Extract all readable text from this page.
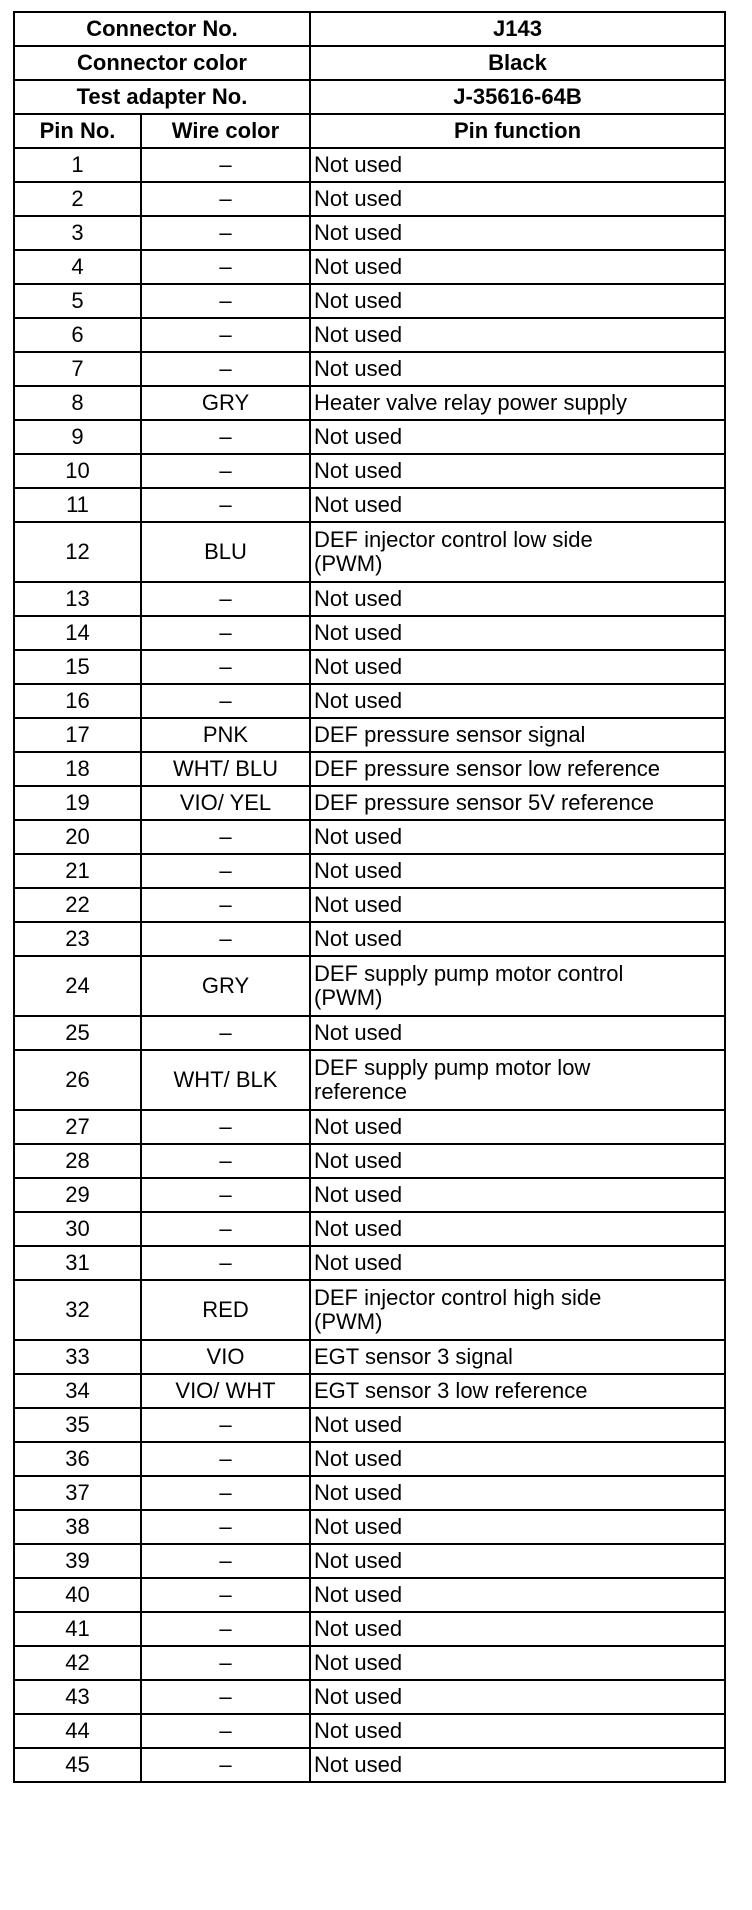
Connector No.		J143
Connector color		Black
Test adapter No.		J-35616-64B
Pin No.	Wire color	Pin function
1	–	Not used
2	–	Not used
3	–	Not used
4	–	Not used
5	–	Not used
6	–	Not used
7	–	Not used
8	GRY	Heater valve relay power supply
9	–	Not used
10	–	Not used
11	–	Not used
12	BLU	DEF injector control low side
(PWM)

13	–	Not used
14	–	Not used
15	–	Not used
16	–	Not used
17	PNK	DEF pressure sensor signal
18	WHT/ BLU	DEF pressure sensor low reference
19	VIO/ YEL	DEF pressure sensor 5V reference
20	–	Not used
21	–	Not used
22	–	Not used
23	–	Not used
24	GRY	DEF supply pump motor control
(PWM)

25	–	Not used
26	WHT/ BLK	DEF supply pump motor low
reference

27	–	Not used
28	–	Not used
29	–	Not used
30	–	Not used
31	–	Not used
32	RED	DEF injector control high side
(PWM)

33	VIO	EGT sensor 3 signal
34	VIO/ WHT	EGT sensor 3 low reference
35	–	Not used
36	–	Not used
37	–	Not used
38	–	Not used
39	–	Not used
40	–	Not used
41	–	Not used
42	–	Not used
43	–	Not used
44	–	Not used
45	–	Not used
